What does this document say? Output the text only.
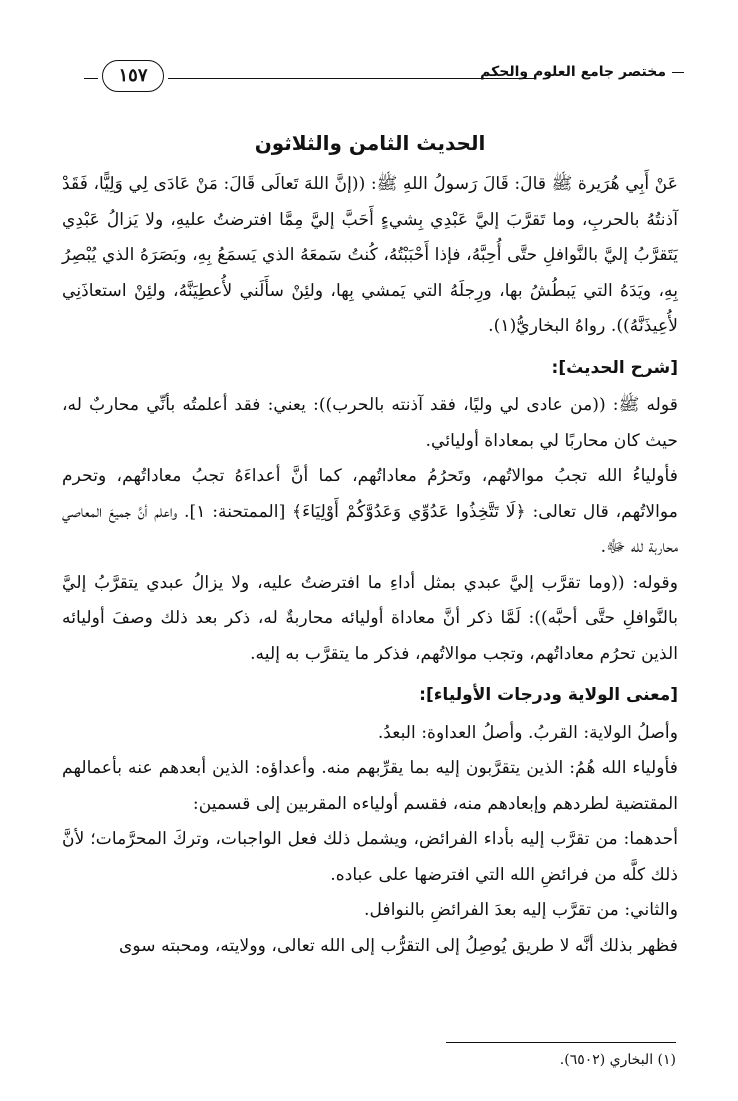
١٥٧	مختصر جامع العلوم والحكم
الحديث الثامن والثلاثون

عَنْ أَبِي هُرَيرة ﷺ قالَ: قَالَ رَسولُ اللهِ ﷺ: ((إنَّ اللهَ تَعالَى قَالَ: مَنْ عَادَى لِي وَلِيًّا، فَقَدْ آذنتُهُ بالحربِ، وما تَقرَّبَ إليَّ عَبْدِي بِشيءٍ أَحَبَّ إليَّ مِمَّا افترضتُ عليهِ، ولا يَزالُ عَبْدِي يَتَقرَّبُ إليَّ بالنَّوافلِ حتَّى أُحِبَّهُ، فإذا أَحْبَبْتُهُ، كُنتُ سَمعَهُ الذي يَسمَعُ بِهِ، وبَصَرَهُ الذي يُبْصِرُ بِهِ، ويَدَهُ التي يَبطُشُ بها، ورِجلَهُ التي يَمشي بِها، ولئِنْ سأَلَني لأُعطِيَنَّهُ، ولئِنْ استعاذَنِي لأُعِيذَنَّهُ)). رواهُ البخاريُّ(١).

[شرح الحديث]:

قوله ﷺ: ((من عادى لي وليًا، فقد آذنته بالحرب)): يعني: فقد أعلمتُه بأنِّي محاربٌ له، حيث كان محاربًا لي بمعاداة أوليائي.

فأولياءُ الله تجبُ موالاتُهم، وتَحرُمُ معاداتُهم، كما أنَّ أعداءَهُ تجبُ معاداتُهم، وتحرم موالاتُهم، قال تعالى: ﴿لَا تَتَّخِذُوا عَدُوِّي وَعَدُوَّكُمْ أَوْلِيَاءَ﴾ [الممتحنة: ١]. واعلم أنَّ جميعَ المعاصي محاربة لله ﷻ.

وقوله: ((وما تقرَّب إليَّ عبدي بمثل أداءِ ما افترضتُ عليه، ولا يزالُ عبدي يتقرَّبُ إليَّ بالنَّوافلِ حتَّى أحبَّه)): لَمَّا ذكر أنَّ معاداة أوليائه محاربةٌ له، ذكر بعد ذلك وصفَ أوليائه الذين تحرُم معاداتُهم، وتجب موالاتُهم، فذكر ما يتقرَّب به إليه.

[معنى الولاية ودرجات الأولياء]:

وأصلُ الولاية: القربُ. وأصلُ العداوة: البعدُ.

فأولياء الله هُمُ: الذين يتقرَّبون إليه بما يقرِّبهم منه. وأعداؤه: الذين أبعدهم عنه بأعمالهم المقتضية لطردهم وإبعادهم منه، فقسم أولياءه المقربين إلى قسمين:

أحدهما: من تقرَّب إليه بأداء الفرائض، ويشمل ذلك فعل الواجبات، وتركَ المحرَّمات؛ لأنَّ ذلك كلَّه من فرائضِ الله التي افترضها على عباده.

والثاني: من تقرَّب إليه بعدَ الفرائضِ بالنوافل.

فظهر بذلك أنَّه لا طريق يُوصِلُ إلى التقرُّب إلى الله تعالى، وولايته، ومحبته سوى

(١) البخاري (٦٥٠٢).
